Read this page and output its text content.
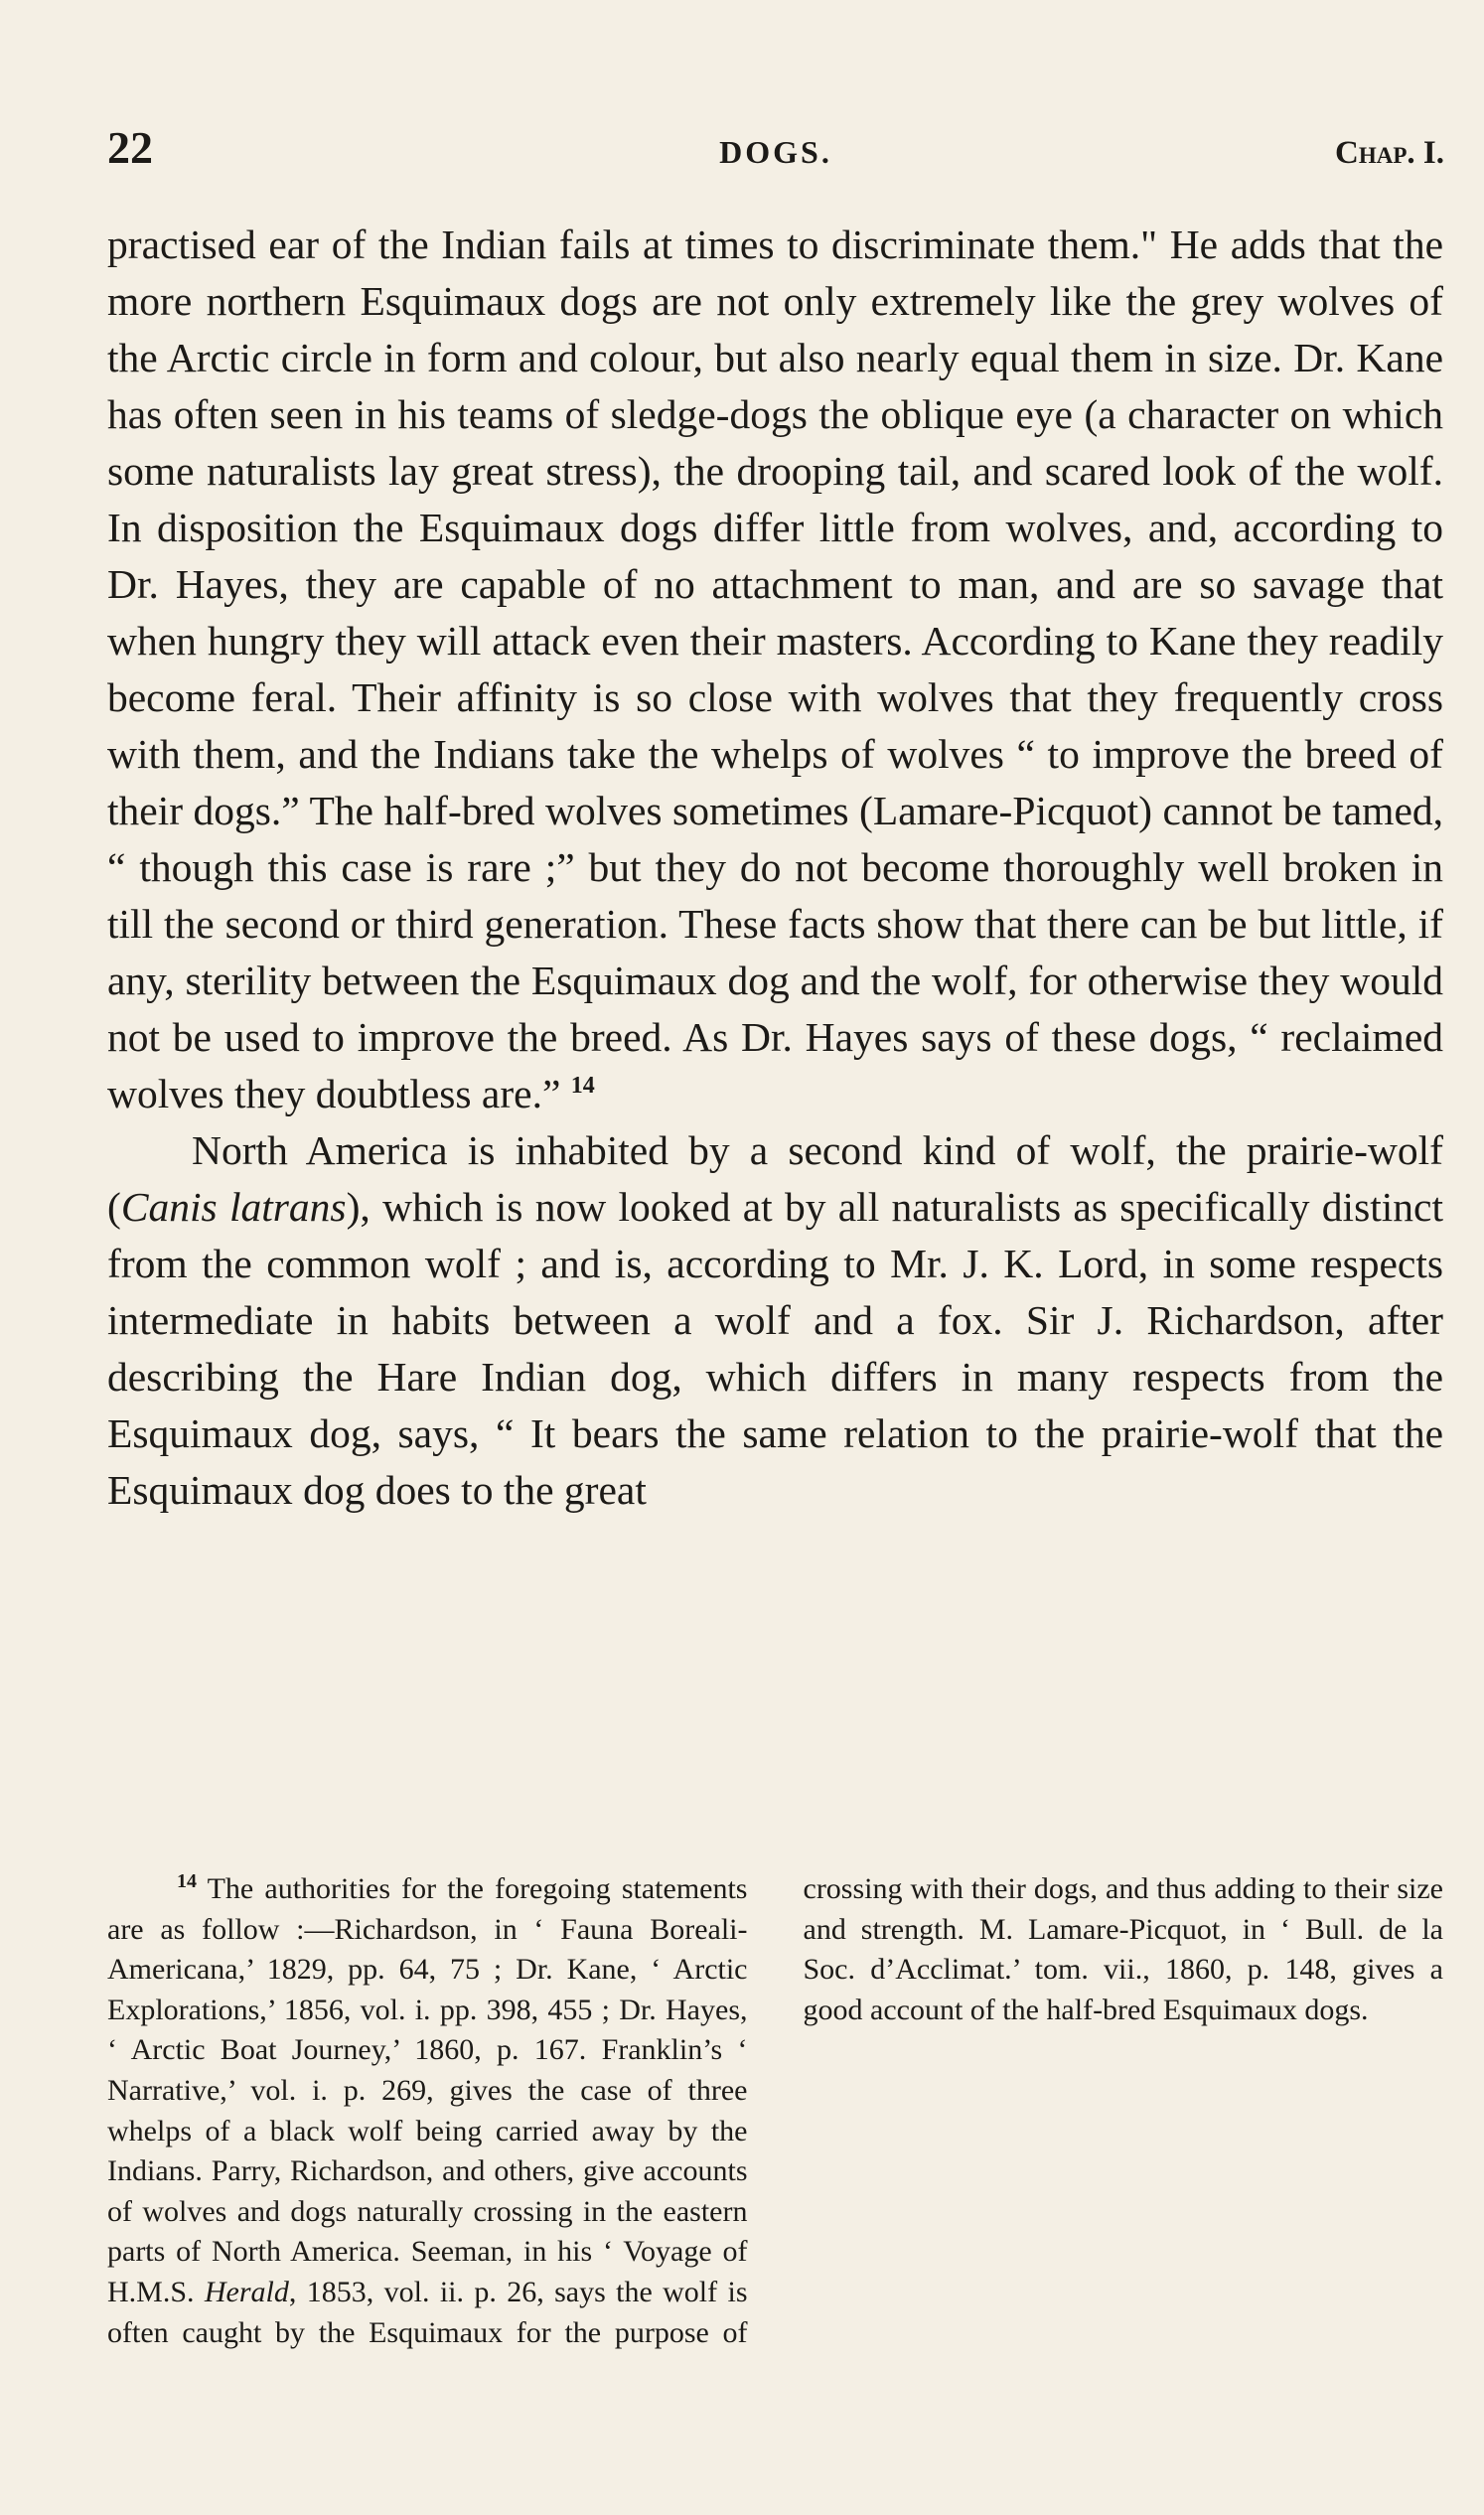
22	DOGS.	Chap. I.

practised ear of the Indian fails at times to discriminate them." He adds that the more northern Esquimaux dogs are not only extremely like the grey wolves of the Arctic circle in form and colour, but also nearly equal them in size. Dr. Kane has often seen in his teams of sledge-dogs the oblique eye (a character on which some naturalists lay great stress), the drooping tail, and scared look of the wolf. In disposition the Esquimaux dogs differ little from wolves, and, according to Dr. Hayes, they are capable of no attachment to man, and are so savage that when hungry they will attack even their masters. According to Kane they readily become feral. Their affinity is so close with wolves that they frequently cross with them, and the Indians take the whelps of wolves “ to improve the breed of their dogs.” The half-bred wolves sometimes (Lamare-Picquot) cannot be tamed, “ though this case is rare ;” but they do not become thoroughly well broken in till the second or third generation. These facts show that there can be but little, if any, sterility between the Esquimaux dog and the wolf, for otherwise they would not be used to improve the breed. As Dr. Hayes says of these dogs, “ reclaimed wolves they doubtless are.” $^{14}$

North America is inhabited by a second kind of wolf, the prairie-wolf (Canis latrans), which is now looked at by all naturalists as specifically distinct from the common wolf ; and is, according to Mr. J. K. Lord, in some respects intermediate in habits between a wolf and a fox. Sir J. Richardson, after describing the Hare Indian dog, which differs in many respects from the Esquimaux dog, says, “ It bears the same relation to the prairie-wolf that the Esquimaux dog does to the great

$^{14}$ The authorities for the foregoing statements are as follow :—Richardson, in ‘ Fauna Boreali-Americana,’ 1829, pp. 64, 75 ; Dr. Kane, ‘ Arctic Explorations,’ 1856, vol. i. pp. 398, 455 ; Dr. Hayes, ‘ Arctic Boat Journey,’ 1860, p. 167. Franklin’s ‘ Narrative,’ vol. i. p. 269, gives the case of three whelps of a black wolf being carried away by the Indians. Parry, Richardson, and others, give accounts of wolves and dogs naturally crossing in the eastern parts of North America. Seeman, in his ‘ Voyage of H.M.S. Herald, 1853, vol. ii. p. 26, says the wolf is often caught by the Esquimaux for the purpose of crossing with their dogs, and thus adding to their size and strength. M. Lamare-Picquot, in ‘ Bull. de la Soc. d’Acclimat.’ tom. vii., 1860, p. 148, gives a good account of the half-bred Esquimaux dogs.
